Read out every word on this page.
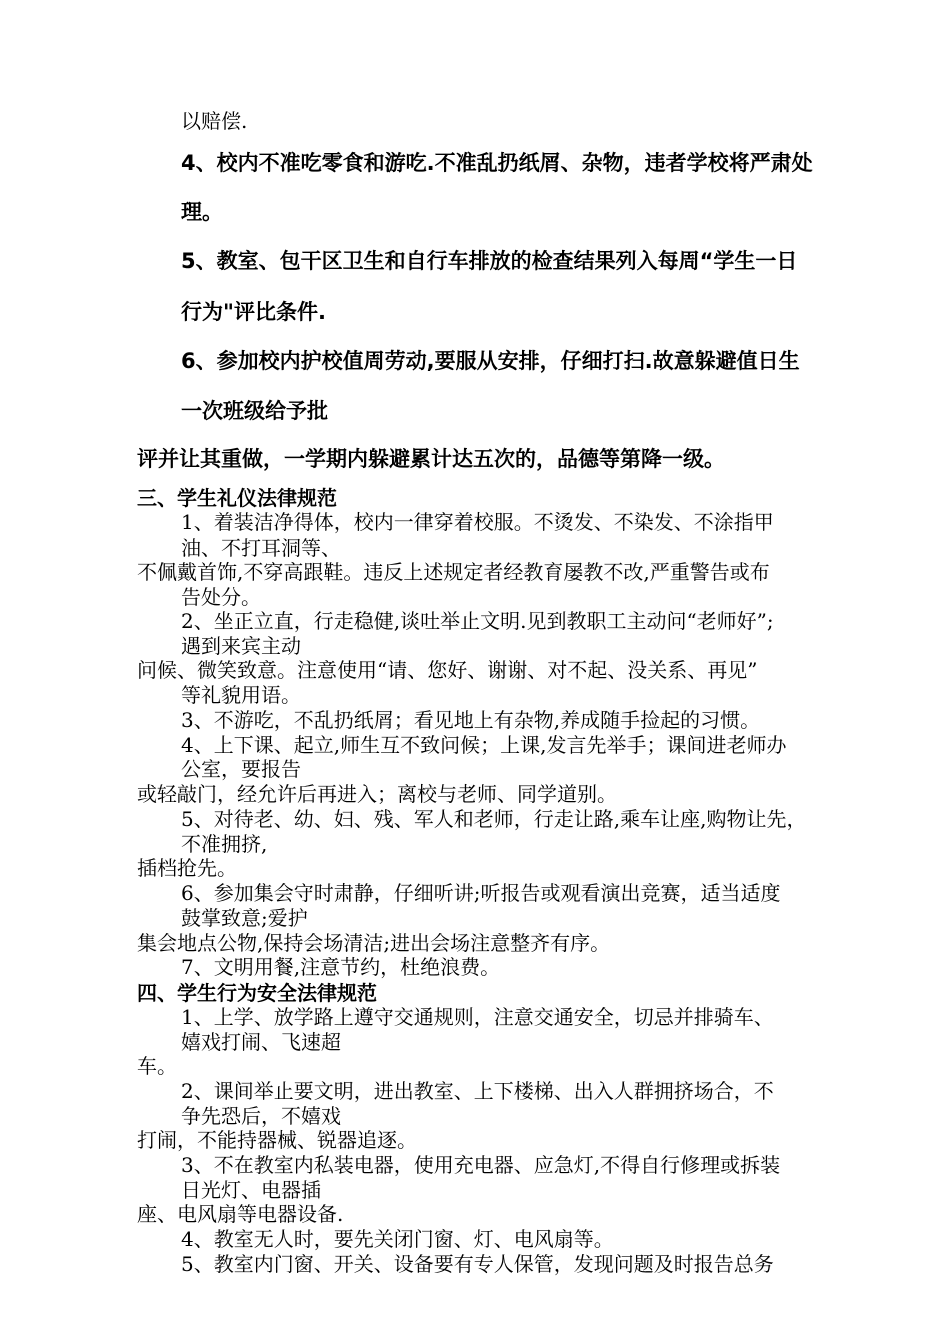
以赔偿.
4、校内不准吃零食和游吃.不准乱扔纸屑、杂物，违者学校将严肃处
理。
5、教室、包干区卫生和自行车排放的检查结果列入每周“学生一日
行为"评比条件.
6、参加校内护校值周劳动,要服从安排，仔细打扫.故意躲避值日生
一次班级给予批
评并让其重做，一学期内躲避累计达五次的，品德等第降一级。
三、学生礼仪法律规范
1、着装洁净得体，校内一律穿着校服。不烫发、不染发、不涂指甲
油、不打耳洞等、
不佩戴首饰,不穿高跟鞋。违反上述规定者经教育屡教不改,严重警告或布
告处分。
2、坐正立直，行走稳健,谈吐举止文明.见到教职工主动问“老师好”;
遇到来宾主动
问候、微笑致意。注意使用“请、您好、谢谢、对不起、没关系、再见”
等礼貌用语。
3、不游吃，不乱扔纸屑；看见地上有杂物,养成随手捡起的习惯。
4、上下课、起立,师生互不致问候；上课,发言先举手；课间进老师办
公室，要报告
或轻敲门，经允许后再进入；离校与老师、同学道别。
5、对待老、幼、妇、残、军人和老师，行走让路,乘车让座,购物让先，
不准拥挤,
插档抢先。
6、参加集会守时肃静，仔细听讲;听报告或观看演出竞赛，适当适度
鼓掌致意;爱护
集会地点公物,保持会场清洁;进出会场注意整齐有序。
7、文明用餐,注意节约，杜绝浪费。
四、学生行为安全法律规范
1、上学、放学路上遵守交通规则，注意交通安全，切忌并排骑车、
嬉戏打闹、飞速超
车。
2、课间举止要文明，进出教室、上下楼梯、出入人群拥挤场合，不
争先恐后，不嬉戏
打闹，不能持器械、锐器追逐。
3、不在教室内私装电器，使用充电器、应急灯,不得自行修理或拆装
日光灯、电器插
座、电风扇等电器设备.
4、教室无人时，要先关闭门窗、灯、电风扇等。
5、教室内门窗、开关、设备要有专人保管，发现问题及时报告总务
